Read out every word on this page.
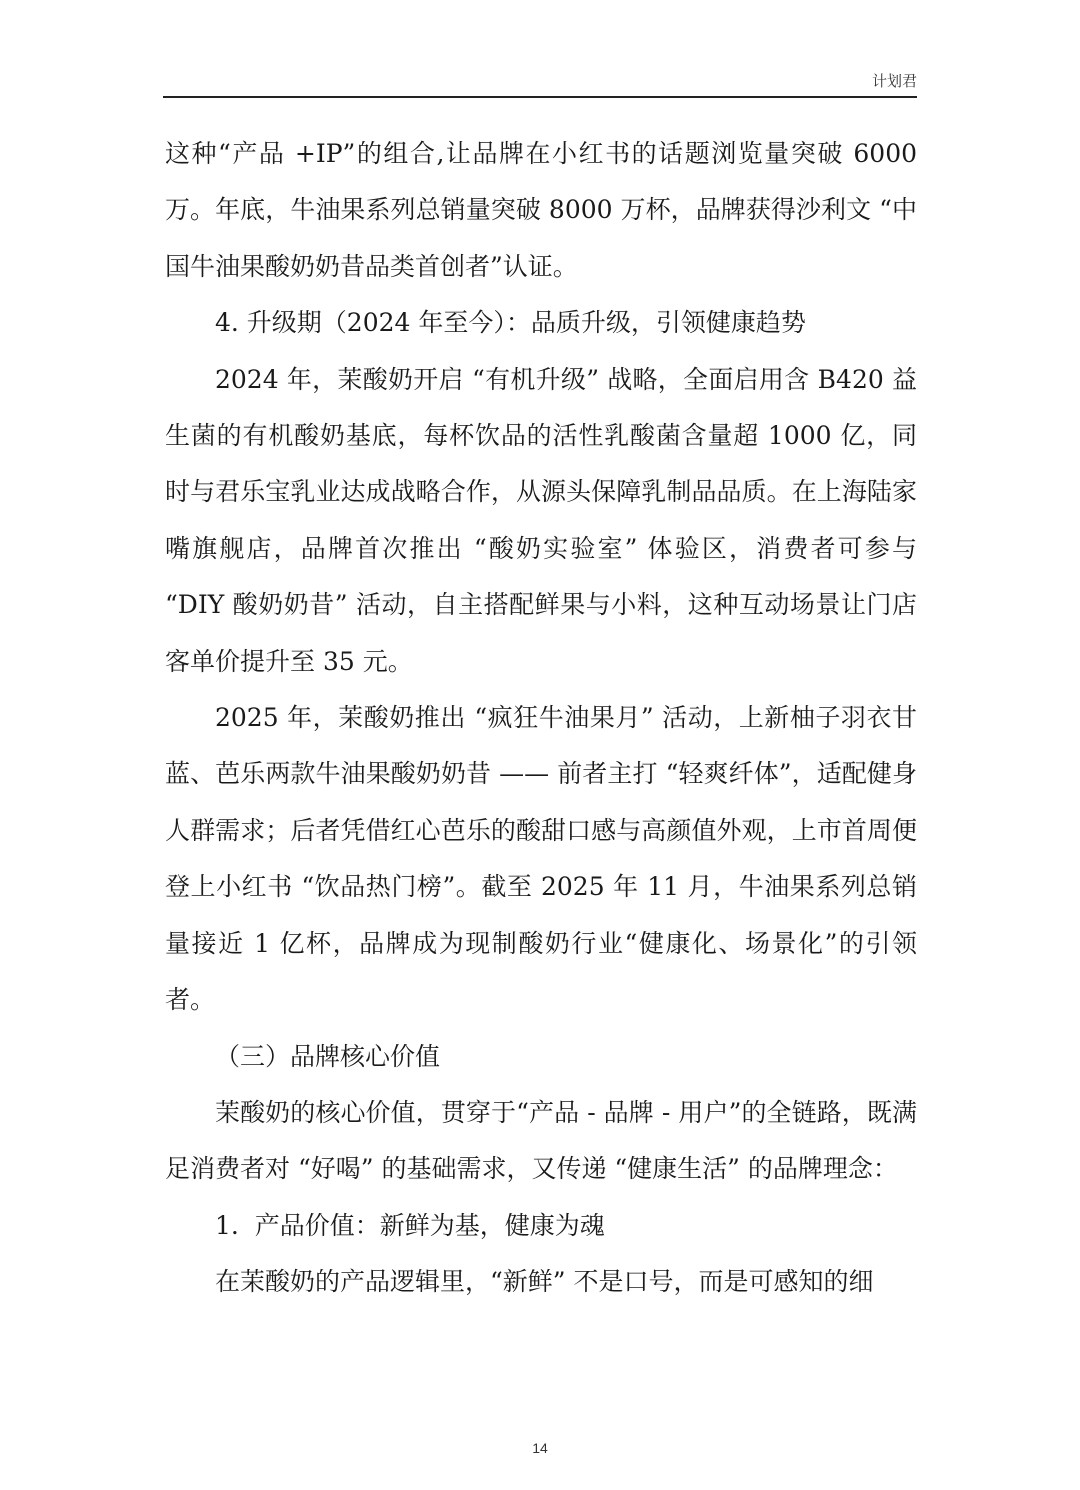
计划君

这种“产品 +IP”的组合,让品牌在小红书的话题浏览量突破 6000万。年底，牛油果系列总销量突破 8000 万杯，品牌获得沙利文 “中国牛油果酸奶奶昔品类首创者”认证。

4. 升级期（2024 年至今）：品质升级，引领健康趋势

2024 年，茉酸奶开启 “有机升级” 战略，全面启用含 B420 益生菌的有机酸奶基底，每杯饮品的活性乳酸菌含量超 1000 亿，同时与君乐宝乳业达成战略合作，从源头保障乳制品品质。在上海陆家嘴旗舰店，品牌首次推出 “酸奶实验室” 体验区，消费者可参与 “DIY 酸奶奶昔” 活动，自主搭配鲜果与小料，这种互动场景让门店客单价提升至 35 元。

2025 年，茉酸奶推出 “疯狂牛油果月” 活动，上新柚子羽衣甘蓝、芭乐两款牛油果酸奶奶昔 —— 前者主打 “轻爽纤体”，适配健身人群需求；后者凭借红心芭乐的酸甜口感与高颜值外观，上市首周便登上小红书 “饮品热门榜”。截至 2025 年 11 月，牛油果系列总销量接近 1 亿杯，品牌成为现制酸奶行业“健康化、场景化”的引领者。

（三）品牌核心价值

茉酸奶的核心价值，贯穿于“产品 - 品牌 - 用户”的全链路，既满足消费者对 “好喝” 的基础需求，又传递 “健康生活” 的品牌理念：

1.  产品价值：新鲜为基，健康为魂

在茉酸奶的产品逻辑里，“新鲜” 不是口号，而是可感知的细

14
